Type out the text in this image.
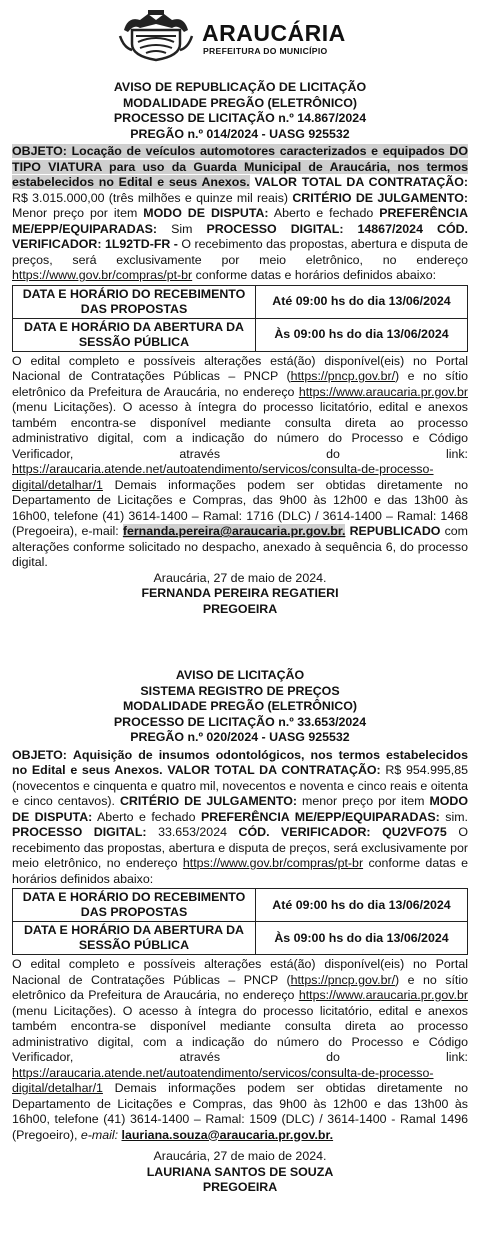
ARAUCÁRIA
PREFEITURA DO MUNICÍPIO
AVISO DE REPUBLICAÇÃO DE LICITAÇÃO
MODALIDADE PREGÃO (ELETRÔNICO)
PROCESSO DE LICITAÇÃO n.º 14.867/2024
PREGÃO n.º 014/2024 - UASG 925532
OBJETO: Locação de veículos automotores caracterizados e equipados DO TIPO VIATURA para uso da Guarda Municipal de Araucária, nos termos estabelecidos no Edital e seus Anexos. VALOR TOTAL DA CONTRATAÇÃO: R$ 3.015.000,00 (três milhões e quinze mil reais) CRITÉRIO DE JULGAMENTO: Menor preço por item MODO DE DISPUTA: Aberto e fechado PREFERÊNCIA ME/EPP/EQUIPARADAS: Sim PROCESSO DIGITAL: 14867/2024 CÓD. VERIFICADOR: 1L92TD-FR - O recebimento das propostas, abertura e disputa de preços, será exclusivamente por meio eletrônico, no endereço https://www.gov.br/compras/pt-br conforme datas e horários definidos abaixo:
DATA E HORÁRIO DO RECEBIMENTO DAS PROPOSTAS	Até 09:00 hs do dia 13/06/2024
DATA E HORÁRIO DA ABERTURA DA SESSÃO PÚBLICA	Às 09:00 hs do dia 13/06/2024
O edital completo e possíveis alterações está(ão) disponível(eis) no Portal Nacional de Contratações Públicas – PNCP (https://pncp.gov.br/) e no sítio eletrônico da Prefeitura de Araucária, no endereço https://www.araucaria.pr.gov.br (menu Licitações). O acesso à íntegra do processo licitatório, edital e anexos também encontra-se disponível mediante consulta direta ao processo administrativo digital, com a indicação do número do Processo e Código Verificador, através do link: https://araucaria.atende.net/autoatendimento/servicos/consulta-de-processo-digital/detalhar/1 Demais informações podem ser obtidas diretamente no Departamento de Licitações e Compras, das 9h00 às 12h00 e das 13h00 às 16h00, telefone (41) 3614-1400 – Ramal: 1716 (DLC) / 3614-1400 – Ramal: 1468 (Pregoeira), e-mail: fernanda.pereira@araucaria.pr.gov.br. REPUBLICADO com alterações conforme solicitado no despacho, anexado à sequência 6, do processo digital.
Araucária, 27 de maio de 2024.
FERNANDA PEREIRA REGATIERI
PREGOEIRA
AVISO DE LICITAÇÃO
SISTEMA REGISTRO DE PREÇOS
MODALIDADE PREGÃO (ELETRÔNICO)
PROCESSO DE LICITAÇÃO n.º 33.653/2024
PREGÃO n.º 020/2024 - UASG 925532
OBJETO: Aquisição de insumos odontológicos, nos termos estabelecidos no Edital e seus Anexos. VALOR TOTAL DA CONTRATAÇÃO: R$ 954.995,85 (novecentos e cinquenta e quatro mil, novecentos e noventa e cinco reais e oitenta e cinco centavos). CRITÉRIO DE JULGAMENTO: menor preço por item MODO DE DISPUTA: Aberto e fechado PREFERÊNCIA ME/EPP/EQUIPARADAS: sim. PROCESSO DIGITAL: 33.653/2024 CÓD. VERIFICADOR: QU2VFO75 O recebimento das propostas, abertura e disputa de preços, será exclusivamente por meio eletrônico, no endereço https://www.gov.br/compras/pt-br conforme datas e horários definidos abaixo:
DATA E HORÁRIO DO RECEBIMENTO DAS PROPOSTAS	Até 09:00 hs do dia 13/06/2024
DATA E HORÁRIO DA ABERTURA DA SESSÃO PÚBLICA	Às 09:00 hs do dia 13/06/2024
O edital completo e possíveis alterações está(ão) disponível(eis) no Portal Nacional de Contratações Públicas – PNCP (https://pncp.gov.br/) e no sítio eletrônico da Prefeitura de Araucária, no endereço https://www.araucaria.pr.gov.br (menu Licitações). O acesso à íntegra do processo licitatório, edital e anexos também encontra-se disponível mediante consulta direta ao processo administrativo digital, com a indicação do número do Processo e Código Verificador, através do link: https://araucaria.atende.net/autoatendimento/servicos/consulta-de-processo-digital/detalhar/1 Demais informações podem ser obtidas diretamente no Departamento de Licitações e Compras, das 9h00 às 12h00 e das 13h00 às 16h00, telefone (41) 3614-1400 – Ramal: 1509 (DLC) / 3614-1400 - Ramal 1496 (Pregoeiro), e-mail: lauriana.souza@araucaria.pr.gov.br.
Araucária, 27 de maio de 2024.
LAURIANA SANTOS DE SOUZA
PREGOEIRA
